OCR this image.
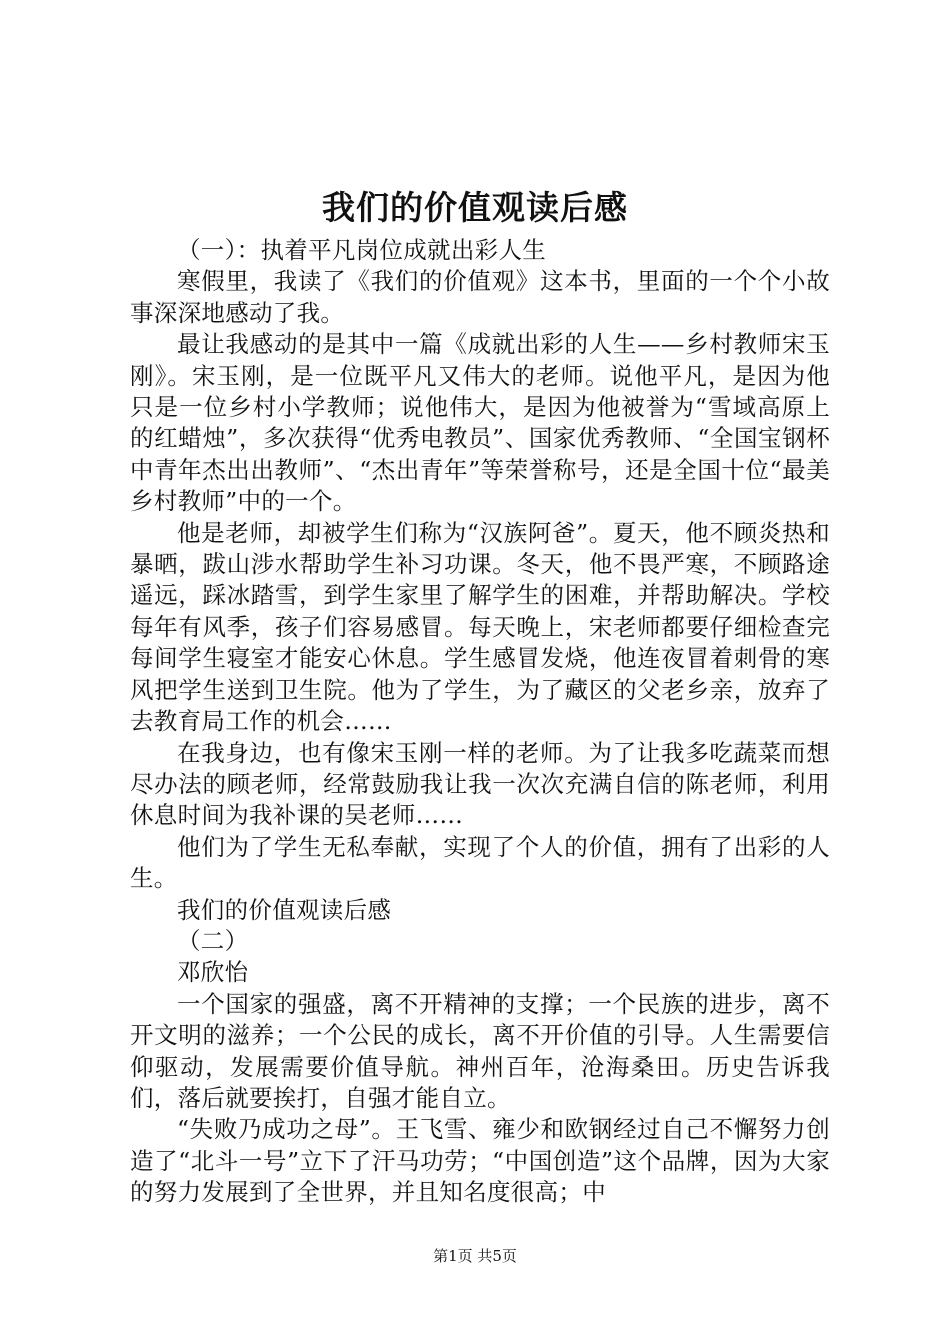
我们的价值观读后感

（一）：执着平凡岗位成就出彩人生

寒假里，我读了《我们的价值观》这本书，里面的一个个小故事深深地感动了我。

最让我感动的是其中一篇《成就出彩的人生——乡村教师宋玉刚》。宋玉刚，是一位既平凡又伟大的老师。说他平凡，是因为他只是一位乡村小学教师；说他伟大，是因为他被誉为“雪域高原上的红蜡烛”，多次获得“优秀电教员”、国家优秀教师、“全国宝钢杯中青年杰出出教师”、“杰出青年”等荣誉称号，还是全国十位“最美乡村教师”中的一个。

他是老师，却被学生们称为“汉族阿爸”。夏天，他不顾炎热和暴晒，跋山涉水帮助学生补习功课。冬天，他不畏严寒，不顾路途遥远，踩冰踏雪，到学生家里了解学生的困难，并帮助解决。学校每年有风季，孩子们容易感冒。每天晚上，宋老师都要仔细检查完每间学生寝室才能安心休息。学生感冒发烧，他连夜冒着刺骨的寒风把学生送到卫生院。他为了学生，为了藏区的父老乡亲，放弃了去教育局工作的机会……

在我身边，也有像宋玉刚一样的老师。为了让我多吃蔬菜而想尽办法的顾老师，经常鼓励我让我一次次充满自信的陈老师，利用休息时间为我补课的吴老师……

他们为了学生无私奉献，实现了个人的价值，拥有了出彩的人生。

我们的价值观读后感

（二）

邓欣怡

一个国家的强盛，离不开精神的支撑；一个民族的进步，离不开文明的滋养；一个公民的成长，离不开价值的引导。人生需要信仰驱动，发展需要价值导航。神州百年，沧海桑田。历史告诉我们，落后就要挨打，自强才能自立。

“失败乃成功之母”。王飞雪、雍少和欧钢经过自己不懈努力创造了“北斗一号”立下了汗马功劳；“中国创造”这个品牌，因为大家的努力发展到了全世界，并且知名度很高；中

第1页 共5页
